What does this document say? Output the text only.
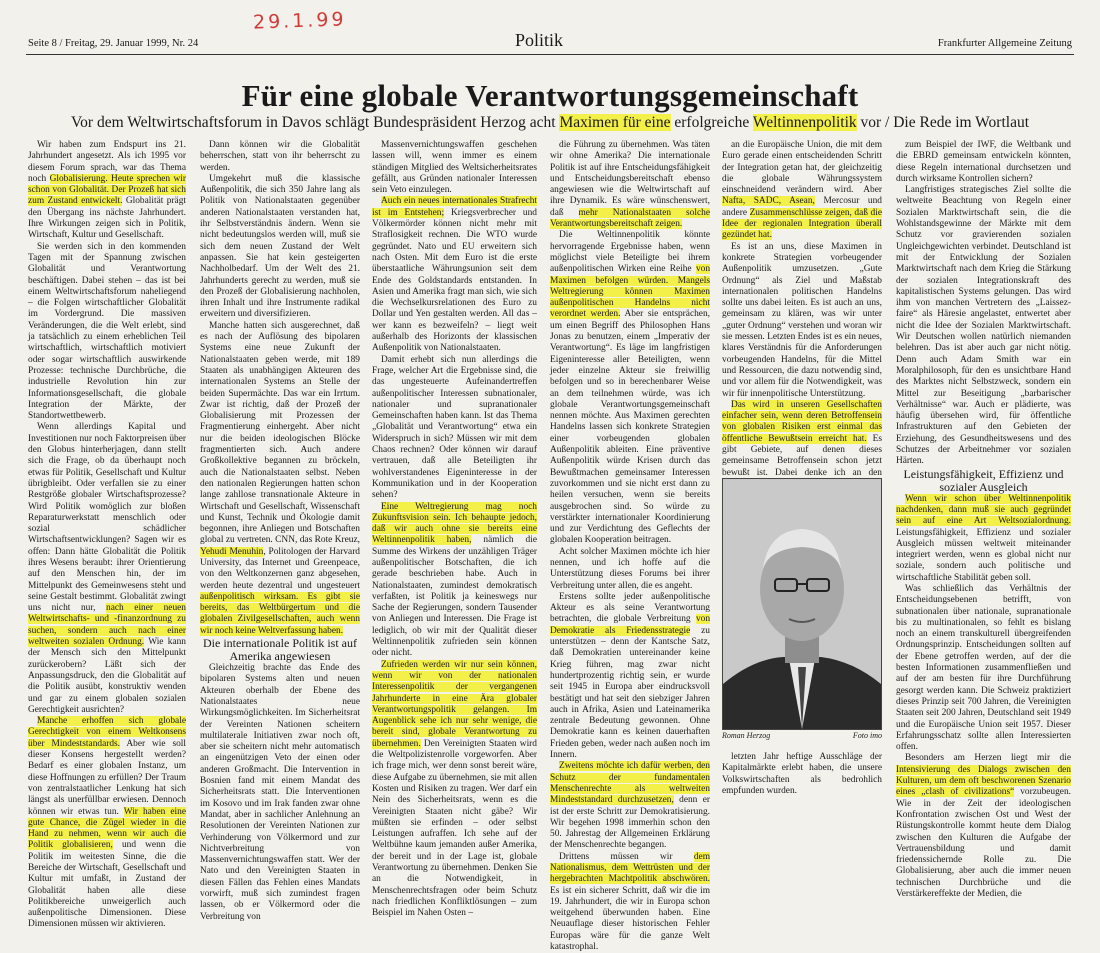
29.1.99
Seite 8 / Freitag, 29. Januar 1999, Nr. 24	Politik	Frankfurter Allgemeine Zeitung
Für eine globale Verantwortungsgemeinschaft
Vor dem Weltwirtschaftsforum in Davos schlägt Bundespräsident Herzog acht Maximen für eine erfolgreiche Weltinnenpolitik vor / Die Rede im Wortlaut

Wir haben zum Endspurt ins 21. Jahrhundert angesetzt. Als ich 1995 vor diesem Forum sprach, war das Thema noch Globalisierung. Heute sprechen wir schon von Globalität. Der Prozeß hat sich zum Zustand entwickelt. Globalität prägt den Übergang ins nächste Jahrhundert. Ihre Wirkungen zeigen sich in Politik, Wirtschaft, Kultur und Gesellschaft.

Sie werden sich in den kommenden Tagen mit der Spannung zwischen Globalität und Verantwortung beschäftigen. Dabei stehen – das ist bei einem Weltwirtschaftsforum naheliegend – die Folgen wirtschaftlicher Globalität im Vordergrund. Die massiven Veränderungen, die die Welt erlebt, sind ja tatsächlich zu einem erheblichen Teil wirtschaftlich, wirtschaftlich motiviert oder sogar wirtschaftlich auswirkende Prozesse: technische Durchbrüche, die industrielle Revolution hin zur Informationsgesellschaft, die globale Integration der Märkte, der Standortwettbewerb.

Wenn allerdings Kapital und Investitionen nur noch Faktorpreisen über den Globus hinterherjagen, dann stellt sich die Frage, ob da überhaupt noch etwas für Politik, Gesellschaft und Kultur übrigbleibt. Oder verfallen sie zu einer Restgröße globaler Wirtschaftsprozesse? Wird Politik womöglich zur bloßen Reparaturwerkstatt menschlich oder sozial schädlicher Wirtschaftsentwicklungen? Sagen wir es offen: Dann hätte Globalität die Politik ihres Wesens beraubt: ihrer Orientierung auf den Menschen hin, der im Mittelpunkt des Gemeinwesens steht und seine Gestalt bestimmt. Globalität zwingt uns nicht nur, nach einer neuen Weltwirtschafts- und -finanzordnung zu suchen, sondern auch nach einer weltweiten sozialen Ordnung. Wie kann der Mensch sich den Mittelpunkt zurückerobern? Läßt sich der Anpassungsdruck, den die Globalität auf die Politik ausübt, konstruktiv wenden und gar zu einem globalen sozialen Gerechtigkeit ausrichten?

Manche erhoffen sich globale Gerechtigkeit von einem Weltkonsens über Mindeststandards. Aber wie soll dieser Konsens hergestellt werden? Bedarf es einer globalen Instanz, um diese Hoffnungen zu erfüllen? Der Traum von zentralstaatlicher Lenkung hat sich längst als unerfüllbar erwiesen. Dennoch können wir etwas tun. Wir haben eine gute Chance, die Zügel wieder in die Hand zu nehmen, wenn wir auch die Politik globalisieren, und wenn die Politik im weitesten Sinne, die die Bereiche der Wirtschaft, Gesellschaft und Kultur mit umfaßt, in Zustand der Globalität haben alle diese Politikbereiche unweigerlich auch außenpolitische Dimensionen. Diese Dimensionen müssen wir aktivieren.

Dann können wir die Globalität beherrschen, statt von ihr beherrscht zu werden.

Umgekehrt muß die klassische Außenpolitik, die sich 350 Jahre lang als Politik von Nationalstaaten gegenüber anderen Nationalstaaten verstanden hat, ihr Selbstverständnis ändern. Wenn sie nicht bedeutungslos werden will, muß sie sich dem neuen Zustand der Welt anpassen. Sie hat kein gesteigerten Nachholbedarf. Um der Welt des 21. Jahrhunderts gerecht zu werden, muß sie den Prozeß der Globalisierung nachholen, ihren Inhalt und ihre Instrumente radikal erweitern und diversifizieren.

Manche hatten sich ausgerechnet, daß es nach der Auflösung des bipolaren Systems eine neue Zukunft der Nationalstaaten geben werde, mit 189 Staaten als unabhängigen Akteuren des internationalen Systems an Stelle der beiden Supermächte. Das war ein Irrtum. Zwar ist richtig, daß der Prozeß der Globalisierung mit Prozessen der Fragmentierung einhergeht. Aber nicht nur die beiden ideologischen Blöcke fragmentierten sich. Auch andere Großkollektive begannen zu bröckeln, auch die Nationalstaaten selbst. Neben den nationalen Regierungen hatten schon lange zahllose transnationale Akteure in Wirtschaft und Gesellschaft, Wissenschaft und Kunst, Technik und Ökologie damit begonnen, ihre Anliegen und Botschaften global zu vertreten. CNN, das Rote Kreuz, Yehudi Menuhin, Politologen der Harvard University, das Internet und Greenpeace, von den Weltkonzernen ganz abgesehen, werden heute dezentral und ungesteuert außenpolitisch wirksam. Es gibt sie bereits, das Weltbürgertum und die globalen Zivilgesellschaften, auch wenn wir noch keine Weltverfassung haben.

Die internationale Politik ist auf Amerika angewiesen

Gleichzeitig brachte das Ende des bipolaren Systems alten und neuen Akteuren oberhalb der Ebene des Nationalstaates neue Wirkungsmöglichkeiten. Im Sicherheitsrat der Vereinten Nationen scheitern multilaterale Initiativen zwar noch oft, aber sie scheitern nicht mehr automatisch an eingenützigen Veto der einen oder anderen Großmacht. Die Intervention in Bosnien fand mit einem Mandat des Sicherheitsrats statt. Die Interventionen im Kosovo und im Irak fanden zwar ohne Mandat, aber in sachlicher Anlehnung an Resolutionen der Vereinten Nationen zur Verhinderung von Völkermord und zur Nichtverbreitung von Massenvernichtungswaffen statt. Wer der Nato und den Vereinigten Staaten in diesen Fällen das Fehlen eines Mandats vorwirft, muß sich zumindest fragen lassen, ob er Völkermord oder die Verbreitung von

Massenvernichtungswaffen geschehen lassen will, wenn immer es einem ständigen Mitglied des Weltsicherheitsrates gefällt, aus Gründen nationaler Interessen sein Veto einzulegen.

Auch ein neues internationales Strafrecht ist im Entstehen; Kriegsverbrecher und Völkermörder können nicht mehr mit Straflosigkeit rechnen. Die WTO wurde gegründet. Nato und EU erweitern sich nach Osten. Mit dem Euro ist die erste überstaatliche Währungsunion seit dem Ende des Goldstandards entstanden. In Asien und Amerika fragt man sich, wie sich die Wechselkursrelationen des Euro zu Dollar und Yen gestalten werden. All das – wer kann es bezweifeln? – liegt weit außerhalb des Horizonts der klassischen Außenpolitik von Nationalstaaten.

Damit erhebt sich nun allerdings die Frage, welcher Art die Ergebnisse sind, die das ungesteuerte Aufeinandertreffen außenpolitischer Interessen subnationaler, nationaler und supranationaler Gemeinschaften haben kann. Ist das Thema „Globalität und Verantwortung“ etwa ein Widerspruch in sich? Müssen wir mit dem Chaos rechnen? Oder können wir darauf vertrauen, daß alle Beteiligten ihr wohlverstandenes Eigeninteresse in der Kommunikation und in der Kooperation sehen?

Eine Weltregierung mag noch Zukunftsvision sein. Ich behaupte jedoch, daß wir auch ohne sie bereits eine Weltinnenpolitik haben, nämlich die Summe des Wirkens der unzähligen Träger außenpolitischer Botschaften, die ich gerade beschrieben habe. Auch in Nationalstaaten, zumindest demokratisch verfaßten, ist Politik ja keineswegs nur Sache der Regierungen, sondern Tausender von Anliegen und Interessen. Die Frage ist lediglich, ob wir mit der Qualität dieser Weltinnenpolitik zufrieden sein können oder nicht.

Zufrieden werden wir nur sein können, wenn wir von der nationalen Interessenpolitik der vergangenen Jahrhunderte in eine Ära globaler Verantwortungspolitik gelangen. Im Augenblick sehe ich nur sehr wenige, die bereit sind, globale Verantwortung zu übernehmen. Den Vereinigten Staaten wird die Weltpolizistenrolle vorgeworfen. Aber ich frage mich, wer denn sonst bereit wäre, diese Aufgabe zu übernehmen, sie mit allen Kosten und Risiken zu tragen. Wer darf ein Nein des Sicherheitsrats, wenn es die Vereinigten Staaten nicht gäbe? Wir müßten sie erfinden – oder selbst Leistungen aufraffen. Ich sehe auf der Weltbühne kaum jemanden außer Amerika, der bereit und in der Lage ist, globale Verantwortung zu übernehmen. Denken Sie an die Notwendigkeit, in Menschenrechtsfragen oder beim Schutz nach friedlichen Konfliktlösungen – zum Beispiel im Nahen Osten –

die Führung zu übernehmen. Was täten wir ohne Amerika? Die internationale Politik ist auf ihre Entscheidungsfähigkeit und Entscheidungsbereitschaft ebenso angewiesen wie die Weltwirtschaft auf ihre Dynamik. Es wäre wünschenswert, daß mehr Nationalstaaten solche Verantwortungsbereitschaft zeigen.

Die Weltinnenpolitik könnte hervorragende Ergebnisse haben, wenn möglichst viele Beteiligte bei ihrem außenpolitischen Wirken eine Reihe von Maximen befolgen würden. Mangels Weltregierung können Maximen außenpolitischen Handelns nicht verordnet werden. Aber sie entsprächen, um einen Begriff des Philosophen Hans Jonas zu benutzen, einem „Imperativ der Verantwortung“. Es läge im langfristigen Eigeninteresse aller Beteiligten, wenn jeder einzelne Akteur sie freiwillig befolgen und so in berechenbarer Weise an dem teilnehmen würde, was ich globale Verantwortungsgemeinschaft nennen möchte. Aus Maximen gerechten Handelns lassen sich konkrete Strategien einer vorbeugenden globalen Außenpolitik ableiten. Eine präventive Außenpolitik würde Krisen durch das Bewußtmachen gemeinsamer Interessen zuvorkommen und sie nicht erst dann zu heilen versuchen, wenn sie bereits ausgebrochen sind. So würde zu verstärkter internationaler Koordinierung und zur Verdichtung des Geflechts der globalen Kooperation beitragen.

Acht solcher Maximen möchte ich hier nennen, und ich hoffe auf die Unterstützung dieses Forums bei ihrer Verbreitung unter allen, die es angeht.

Erstens sollte jeder außenpolitische Akteur es als seine Verantwortung betrachten, die globale Verbreitung von Demokratie als Friedensstrategie zu unterstützen – denn der Kantsche Satz, daß Demokratien untereinander keine Krieg führen, mag zwar nicht hundertprozentig richtig sein, er wurde seit 1945 in Europa aber eindrucksvoll bestätigt und hat seit den siebziger Jahren auch in Afrika, Asien und Lateinamerika zentrale Bedeutung gewonnen. Ohne Demokratie kann es keinen dauerhaften Frieden geben, weder nach außen noch im Innern.

Zweitens möchte ich dafür werben, den Schutz der fundamentalen Menschenrechte als weltweiten Mindeststandard durchzusetzen, denn er ist der erste Schritt zur Demokratisierung. Wir begehen 1998 immerhin schon den 50. Jahrestag der Allgemeinen Erklärung der Menschenrechte begangen.

Drittens müssen wir dem Nationalismus, dem Wettrüsten und der hergebrachten Machtpolitik abschwören. Es ist ein sicherer Schritt, daß wir die im 19. Jahrhundert, die wir in Europa schon weitgehend überwunden haben. Eine Neuauflage dieser historischen Fehler Europas wäre für die ganze Welt katastrophal.

an die Europäische Union, die mit dem Euro gerade einen entscheidenden Schritt der Integration getan hat, der gleichzeitig die globale Währungssystem einschneidend verändern wird. Aber Nafta, SADC, Asean, Mercosur und andere Zusammenschlüsse zeigen, daß die Idee der regionalen Integration überall gezündet hat.

Es ist an uns, diese Maximen in konkrete Strategien vorbeugender Außenpolitik umzusetzen. „Gute Ordnung“ als Ziel und Maßstab internationalen politischen Handelns sollte uns dabei leiten. Es ist auch an uns, gemeinsam zu klären, was wir unter „guter Ordnung“ verstehen und woran wir sie messen. Letzten Endes ist es ein neues, klares Verständnis für die Anforderungen vorbeugenden Handelns, für die Mittel und Ressourcen, die dazu notwendig sind, und vor allem für die Notwendigkeit, was wir für innenpolitische Unterstützung.

Das wird in unseren Gesellschaften einfacher sein, wenn deren Betroffensein von globalen Risiken erst einmal das öffentliche Bewußtsein erreicht hat. Es gibt Gebiete, auf denen dieses gemeinsame Betroffensein schon jetzt bewußt ist. Dabei denke ich an den

Roman Herzog	Foto imo

letzten Jahr heftige Ausschläge der Kapitalmärkte erlebt haben, die unsere Volkswirtschaften als bedrohlich empfunden wurden.

zum Beispiel der IWF, die Weltbank und die EBRD gemeinsam entwickeln könnten, diese Regeln international durchsetzen und durch wirksame Kontrollen sichern?

Langfristiges strategisches Ziel sollte die weltweite Beachtung von Regeln einer Sozialen Marktwirtschaft sein, die die Wohlstandsgewinne der Märkte mit dem Schutz vor gravierenden sozialen Ungleichgewichten verbindet. Deutschland ist mit der Entwicklung der Sozialen Marktwirtschaft nach dem Krieg die Stärkung der sozialen Integrationskraft des kapitalistischen Systems gelungen. Das wird ihm von manchen Vertretern des „Laissez-faire“ als Häresie angelastet, entwertet aber nicht die Idee der Sozialen Marktwirtschaft. Wir Deutschen wollen natürlich niemanden belehren. Das ist aber auch gar nicht nötig. Denn auch Adam Smith war ein Moralphilosoph, für den es unsichtbare Hand des Marktes nicht Selbstzweck, sondern ein Mittel zur Beseitigung „barbarischer Verhältnisse“ war. Auch er plädierte, was häufig übersehen wird, für öffentliche Infrastrukturen auf den Gebieten der Erziehung, des Gesundheitswesens und des Schutzes der Arbeitnehmer vor sozialen Härten.

Leistungsfähigkeit, Effizienz und sozialer Ausgleich

Wenn wir schon über Weltinnenpolitik nachdenken, dann muß sie auch gegründet sein auf eine Art Weltsozialordnung. Leistungsfähigkeit, Effizienz und sozialer Ausgleich müssen weltweit miteinander integriert werden, wenn es global nicht nur soziale, sondern auch politische und wirtschaftliche Stabilität geben soll.

Was schließlich das Verhältnis der Entscheidungsebenen betrifft, von subnationalen über nationale, supranationale bis zu multinationalen, so fehlt es bislang noch an einem transkulturell übergreifenden Ordnungsprinzip. Entscheidungen sollten auf der Ebene getroffen werden, auf der die besten Informationen zusammenfließen und auf der am besten für ihre Durchführung gesorgt werden kann. Die Schweiz praktiziert dieses Prinzip seit 700 Jahren, die Vereinigten Staaten seit 200 Jahren, Deutschland seit 1949 und die Europäische Union seit 1957. Dieser Erfahrungsschatz sollte allen Interessierten offen.

Besonders am Herzen liegt mir die Intensivierung des Dialogs zwischen den Kulturen, um dem oft beschworenen Szenario eines „clash of civilizations“ vorzubeugen. Wie in der Zeit der ideologischen Konfrontation zwischen Ost und West der Rüstungskontrolle kommt heute dem Dialog zwischen den Kulturen die Aufgabe der Vertrauensbildung und damit friedenssichernde Rolle zu. Die Globalisierung, aber auch die immer neuen technischen Durchbrüche und die Verstärkereffekte der Medien, die
